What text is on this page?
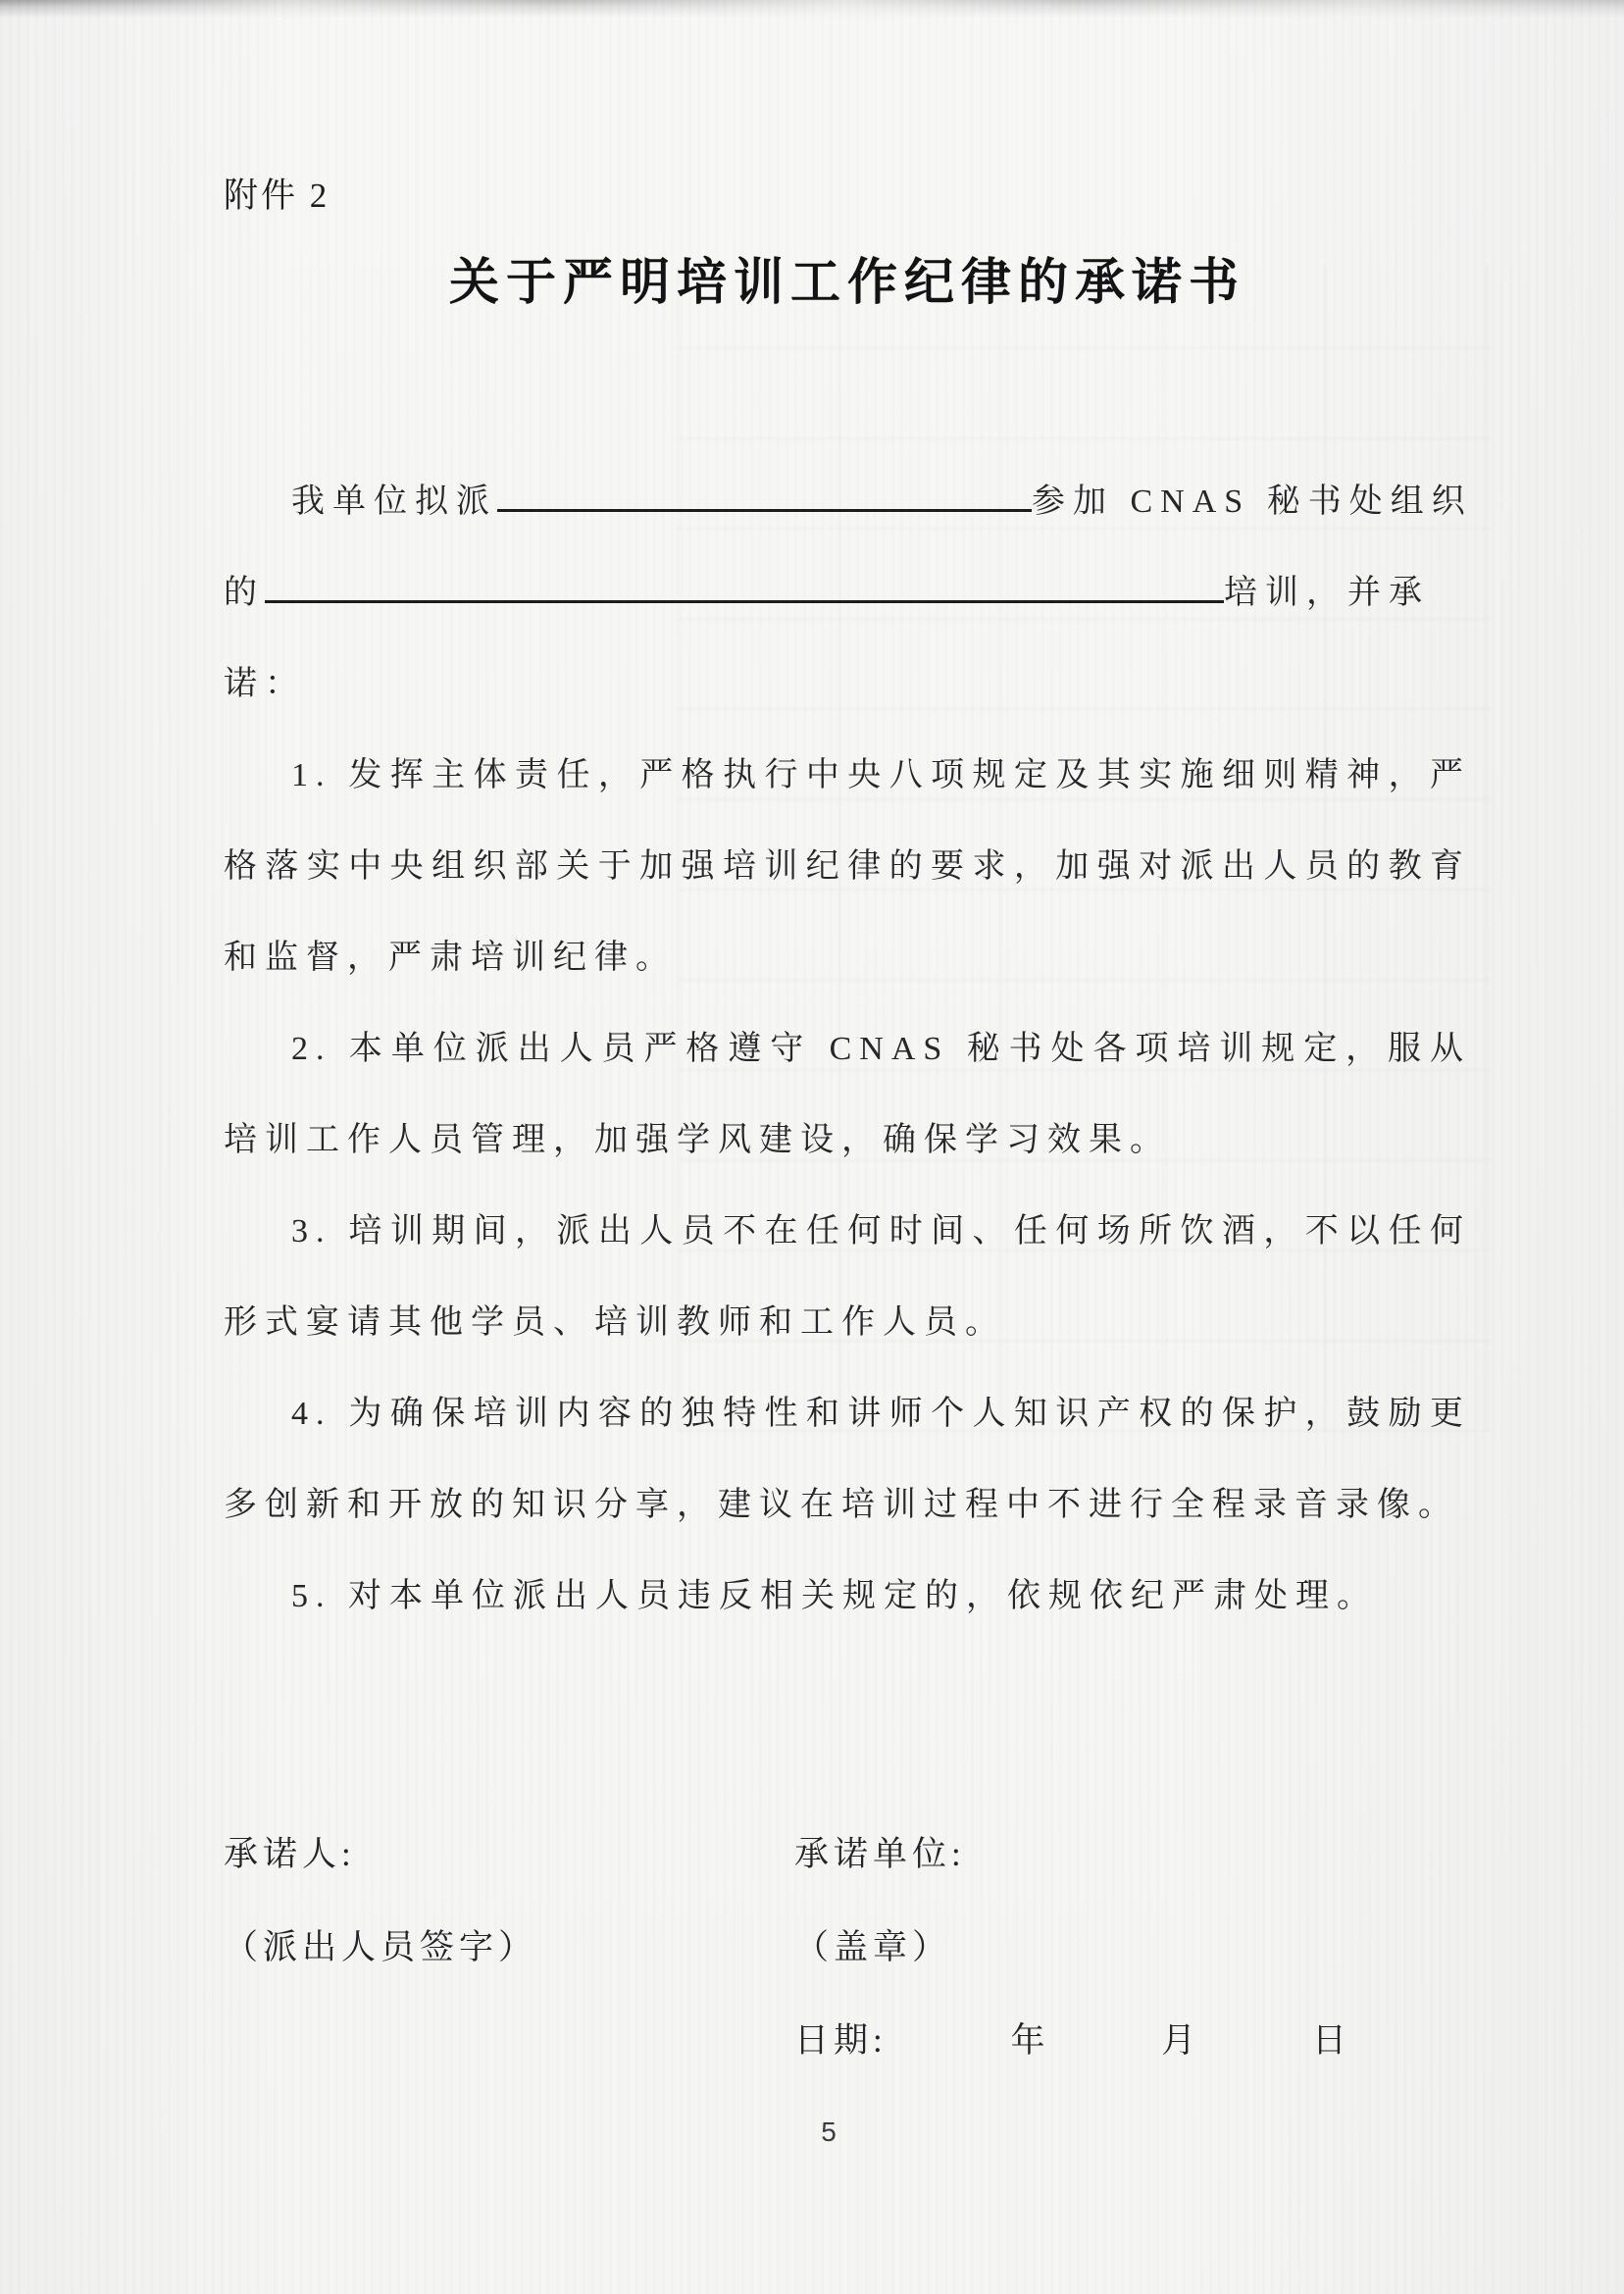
附件 2
关于严明培训工作纪律的承诺书
我单位拟派	参加 CNAS 秘书处组织
的	培训，并承
诺：

1. 发挥主体责任，严格执行中央八项规定及其实施细则精神，严格落实中央组织部关于加强培训纪律的要求，加强对派出人员的教育和监督，严肃培训纪律。

2. 本单位派出人员严格遵守 CNAS 秘书处各项培训规定，服从培训工作人员管理，加强学风建设，确保学习效果。

3. 培训期间，派出人员不在任何时间、任何场所饮酒，不以任何形式宴请其他学员、培训教师和工作人员。

4. 为确保培训内容的独特性和讲师个人知识产权的保护，鼓励更多创新和开放的知识分享，建议在培训过程中不进行全程录音录像。

5. 对本单位派出人员违反相关规定的，依规依纪严肃处理。

承诺人:	承诺单位:
（派出人员签字）	（盖章）
日期:	年	月	日
5
